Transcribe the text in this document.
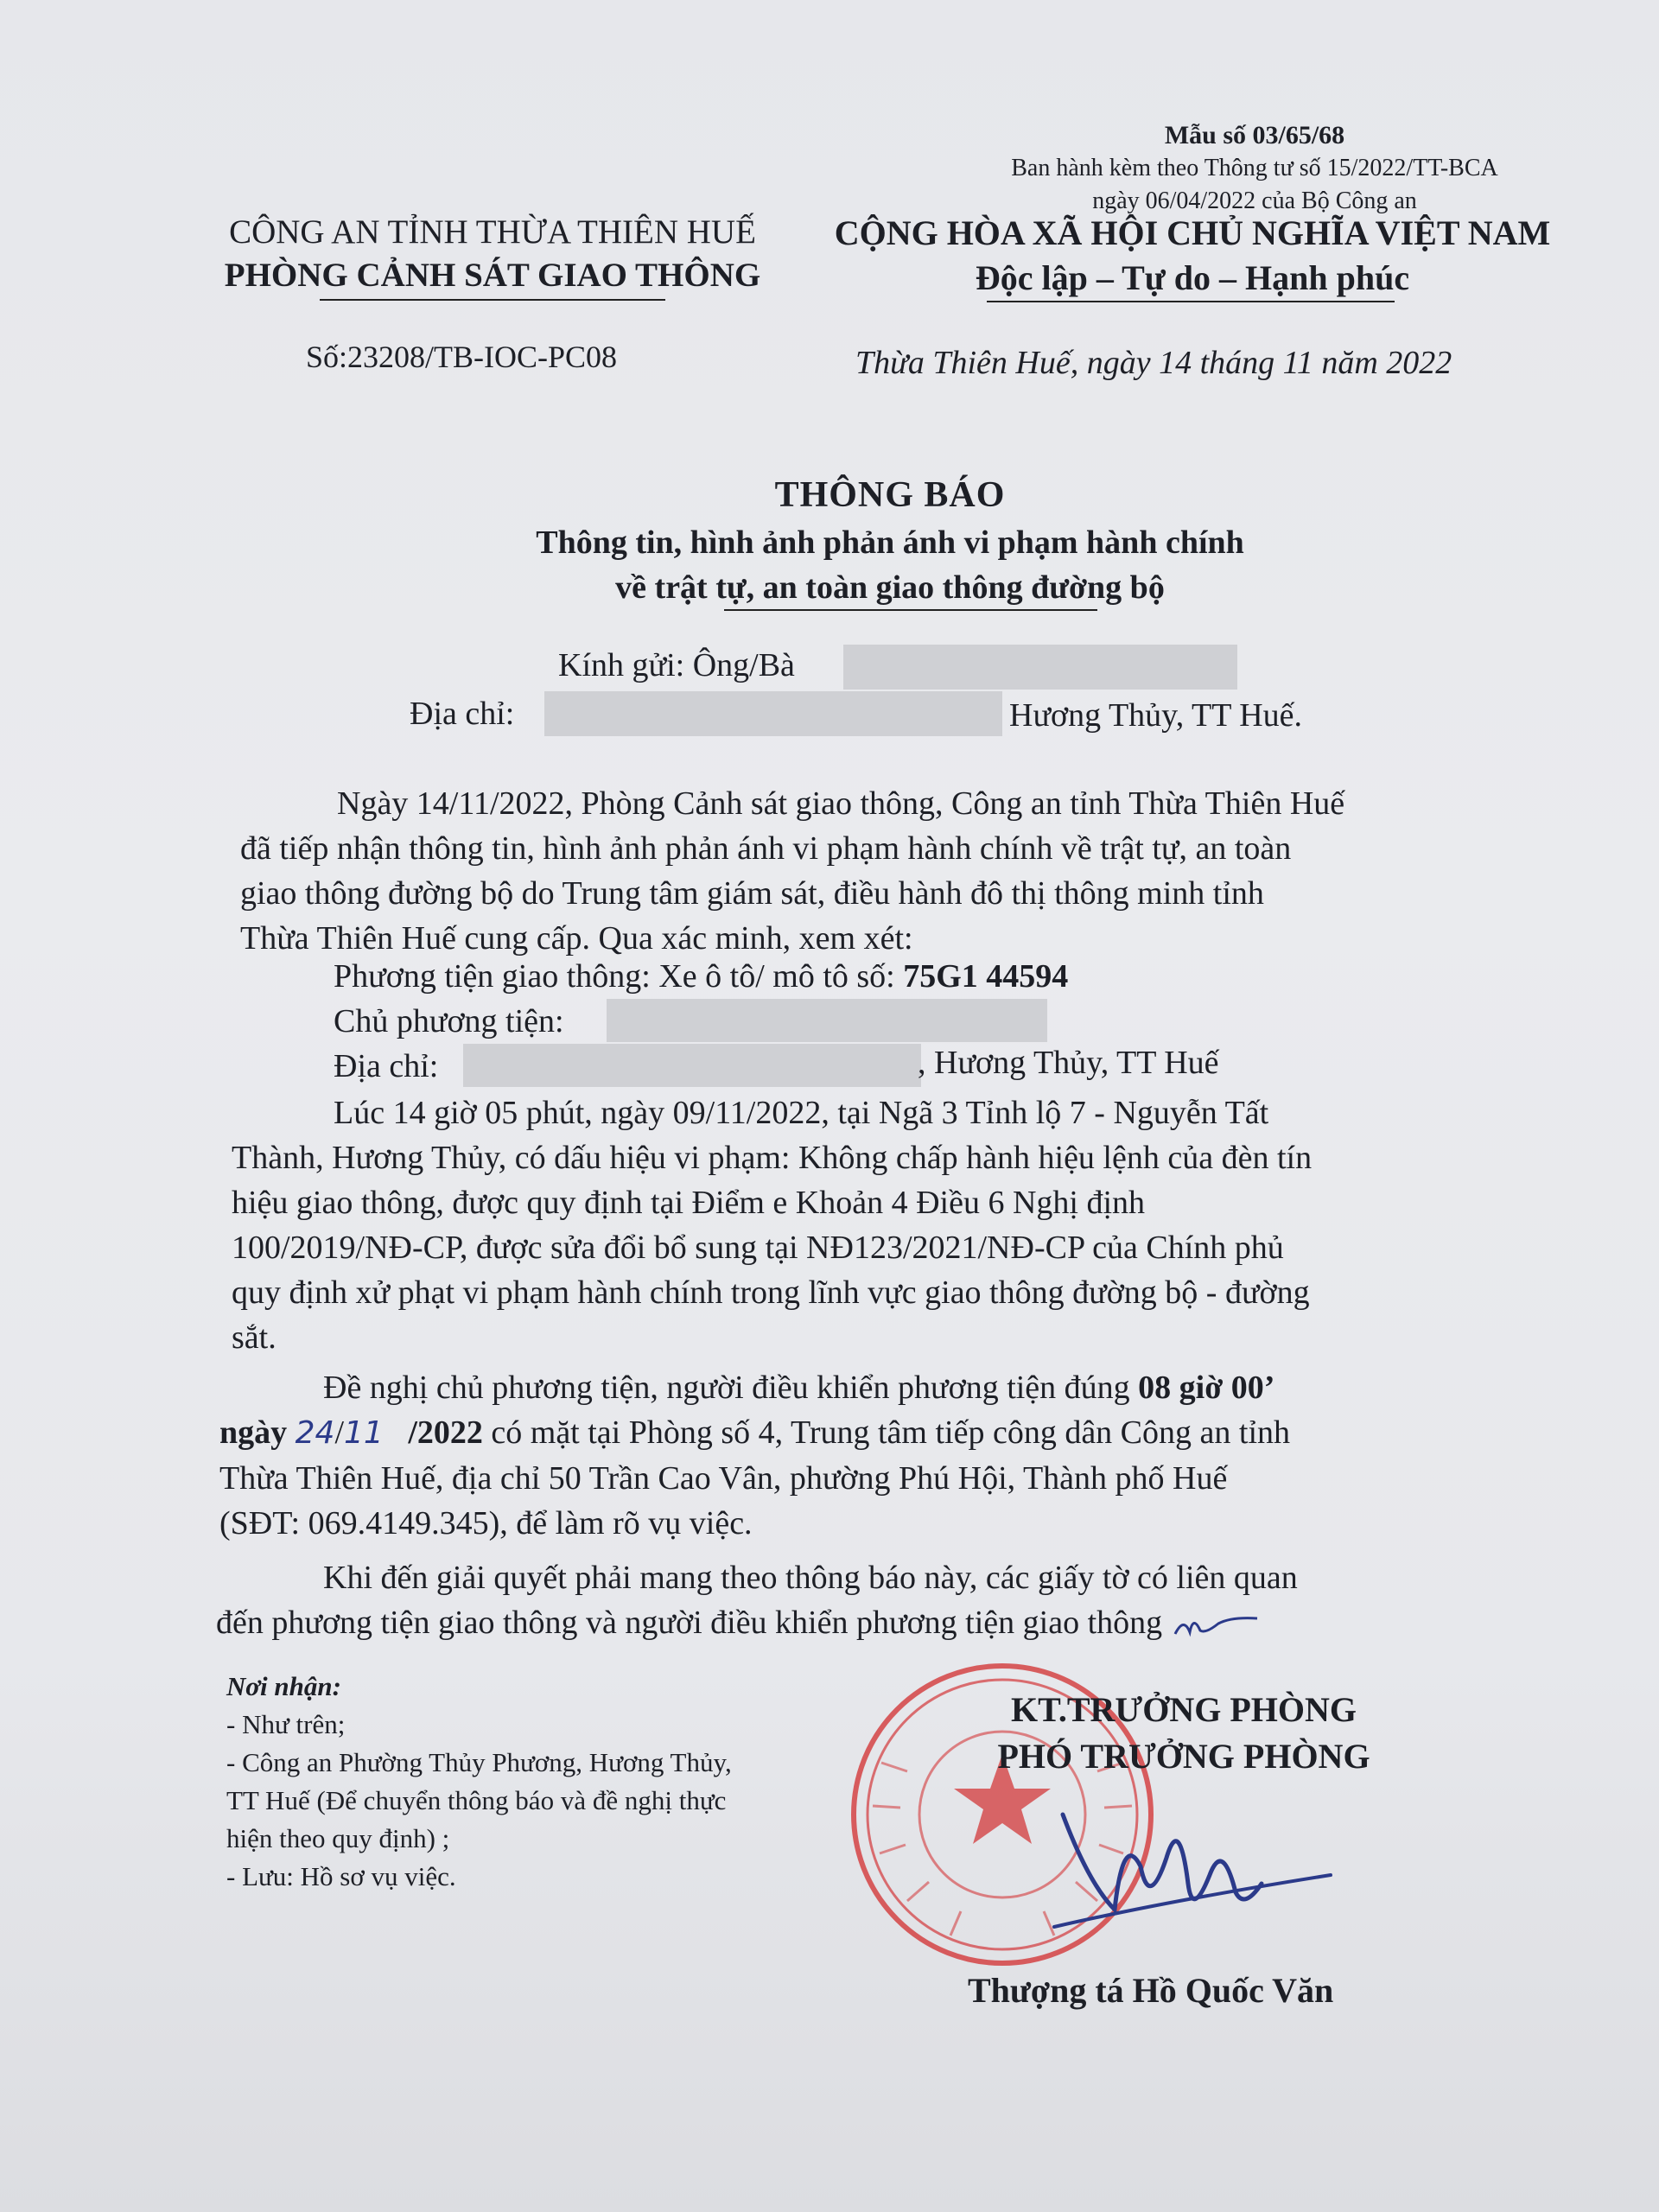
Mẫu số 03/65/68
Ban hành kèm theo Thông tư số 15/2022/TT-BCA
ngày 06/04/2022 của Bộ Công an
CÔNG AN TỈNH THỪA THIÊN HUẾ
PHÒNG CẢNH SÁT GIAO THÔNG
Số:23208/TB-IOC-PC08
CỘNG HÒA XÃ HỘI CHỦ NGHĨA VIỆT NAM
Độc lập – Tự do – Hạnh phúc
Thừa Thiên Huế, ngày 14 tháng 11 năm 2022
THÔNG BÁO
Thông tin, hình ảnh phản ánh vi phạm hành chính
về trật tự, an toàn giao thông đường bộ
Kính gửi: Ông/Bà
Địa chỉ:	Hương Thủy, TT Huế.
Ngày 14/11/2022, Phòng Cảnh sát giao thông, Công an tỉnh Thừa Thiên Huế
đã tiếp nhận thông tin, hình ảnh phản ánh vi phạm hành chính về trật tự, an toàn
giao thông đường bộ do Trung tâm giám sát, điều hành đô thị thông minh tỉnh
Thừa Thiên Huế cung cấp. Qua xác minh, xem xét:
Phương tiện giao thông: Xe ô tô/ mô tô số: 75G1 44594
Chủ phương tiện:
Địa chỉ:	, Hương Thủy, TT Huế
Lúc 14 giờ 05 phút, ngày 09/11/2022, tại Ngã 3 Tỉnh lộ 7 - Nguyễn Tất
Thành, Hương Thủy, có dấu hiệu vi phạm: Không chấp hành hiệu lệnh của đèn tín
hiệu giao thông, được quy định tại Điểm e Khoản 4 Điều 6 Nghị định
100/2019/NĐ-CP, được sửa đổi bổ sung tại NĐ123/2021/NĐ-CP của Chính phủ
quy định xử phạt vi phạm hành chính trong lĩnh vực giao thông đường bộ - đường
sắt.
Đề nghị chủ phương tiện, người điều khiển phương tiện đúng 08 giờ 00’
ngày 24/11 /2022 có mặt tại Phòng số 4, Trung tâm tiếp công dân Công an tỉnh
Thừa Thiên Huế, địa chỉ 50 Trần Cao Vân, phường Phú Hội, Thành phố Huế
(SĐT: 069.4149.345), để làm rõ vụ việc.
Khi đến giải quyết phải mang theo thông báo này, các giấy tờ có liên quan
đến phương tiện giao thông và người điều khiển phương tiện giao thông
Nơi nhận:
- Như trên;
- Công an Phường Thủy Phương, Hương Thủy,
TT Huế (Để chuyển thông báo và đề nghị thực
hiện theo quy định) ;
- Lưu: Hồ sơ vụ việc.
KT.TRƯỞNG PHÒNG
PHÓ TRƯỞNG PHÒNG
Thượng tá Hồ Quốc Văn
